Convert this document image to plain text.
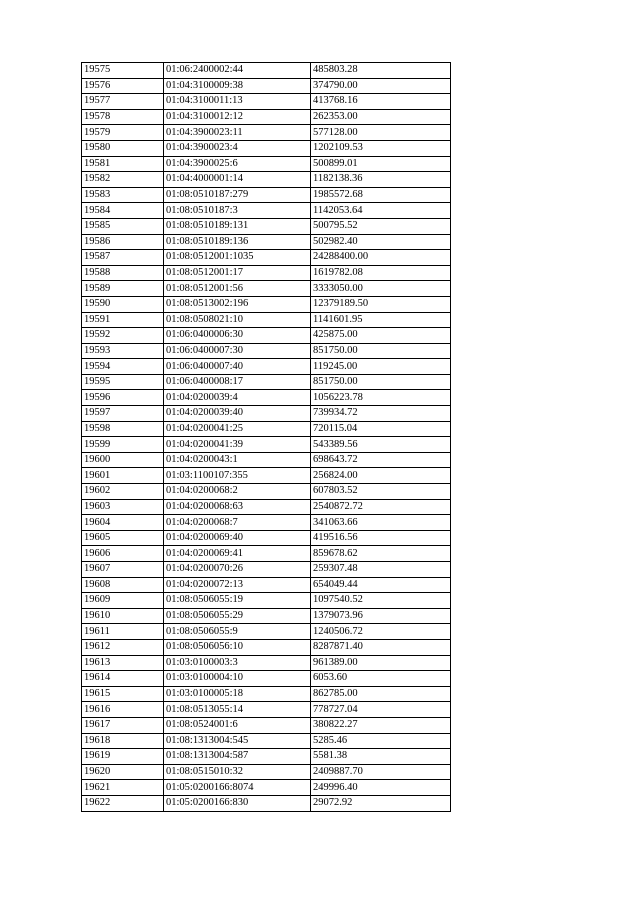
19575	01:06:2400002:44	485803.28
19576	01:04:3100009:38	374790.00
19577	01:04:3100011:13	413768.16
19578	01:04:3100012:12	262353.00
19579	01:04:3900023:11	577128.00
19580	01:04:3900023:4	1202109.53
19581	01:04:3900025:6	500899.01
19582	01:04:4000001:14	1182138.36
19583	01:08:0510187:279	1985572.68
19584	01:08:0510187:3	1142053.64
19585	01:08:0510189:131	500795.52
19586	01:08:0510189:136	502982.40
19587	01:08:0512001:1035	24288400.00
19588	01:08:0512001:17	1619782.08
19589	01:08:0512001:56	3333050.00
19590	01:08:0513002:196	12379189.50
19591	01:08:0508021:10	1141601.95
19592	01:06:0400006:30	425875.00
19593	01:06:0400007:30	851750.00
19594	01:06:0400007:40	119245.00
19595	01:06:0400008:17	851750.00
19596	01:04:0200039:4	1056223.78
19597	01:04:0200039:40	739934.72
19598	01:04:0200041:25	720115.04
19599	01:04:0200041:39	543389.56
19600	01:04:0200043:1	698643.72
19601	01:03:1100107:355	256824.00
19602	01:04:0200068:2	607803.52
19603	01:04:0200068:63	2540872.72
19604	01:04:0200068:7	341063.66
19605	01:04:0200069:40	419516.56
19606	01:04:0200069:41	859678.62
19607	01:04:0200070:26	259307.48
19608	01:04:0200072:13	654049.44
19609	01:08:0506055:19	1097540.52
19610	01:08:0506055:29	1379073.96
19611	01:08:0506055:9	1240506.72
19612	01:08:0506056:10	8287871.40
19613	01:03:0100003:3	961389.00
19614	01:03:0100004:10	6053.60
19615	01:03:0100005:18	862785.00
19616	01:08:0513055:14	778727.04
19617	01:08:0524001:6	380822.27
19618	01:08:1313004:545	5285.46
19619	01:08:1313004:587	5581.38
19620	01:08:0515010:32	2409887.70
19621	01:05:0200166:8074	249996.40
19622	01:05:0200166:830	29072.92
